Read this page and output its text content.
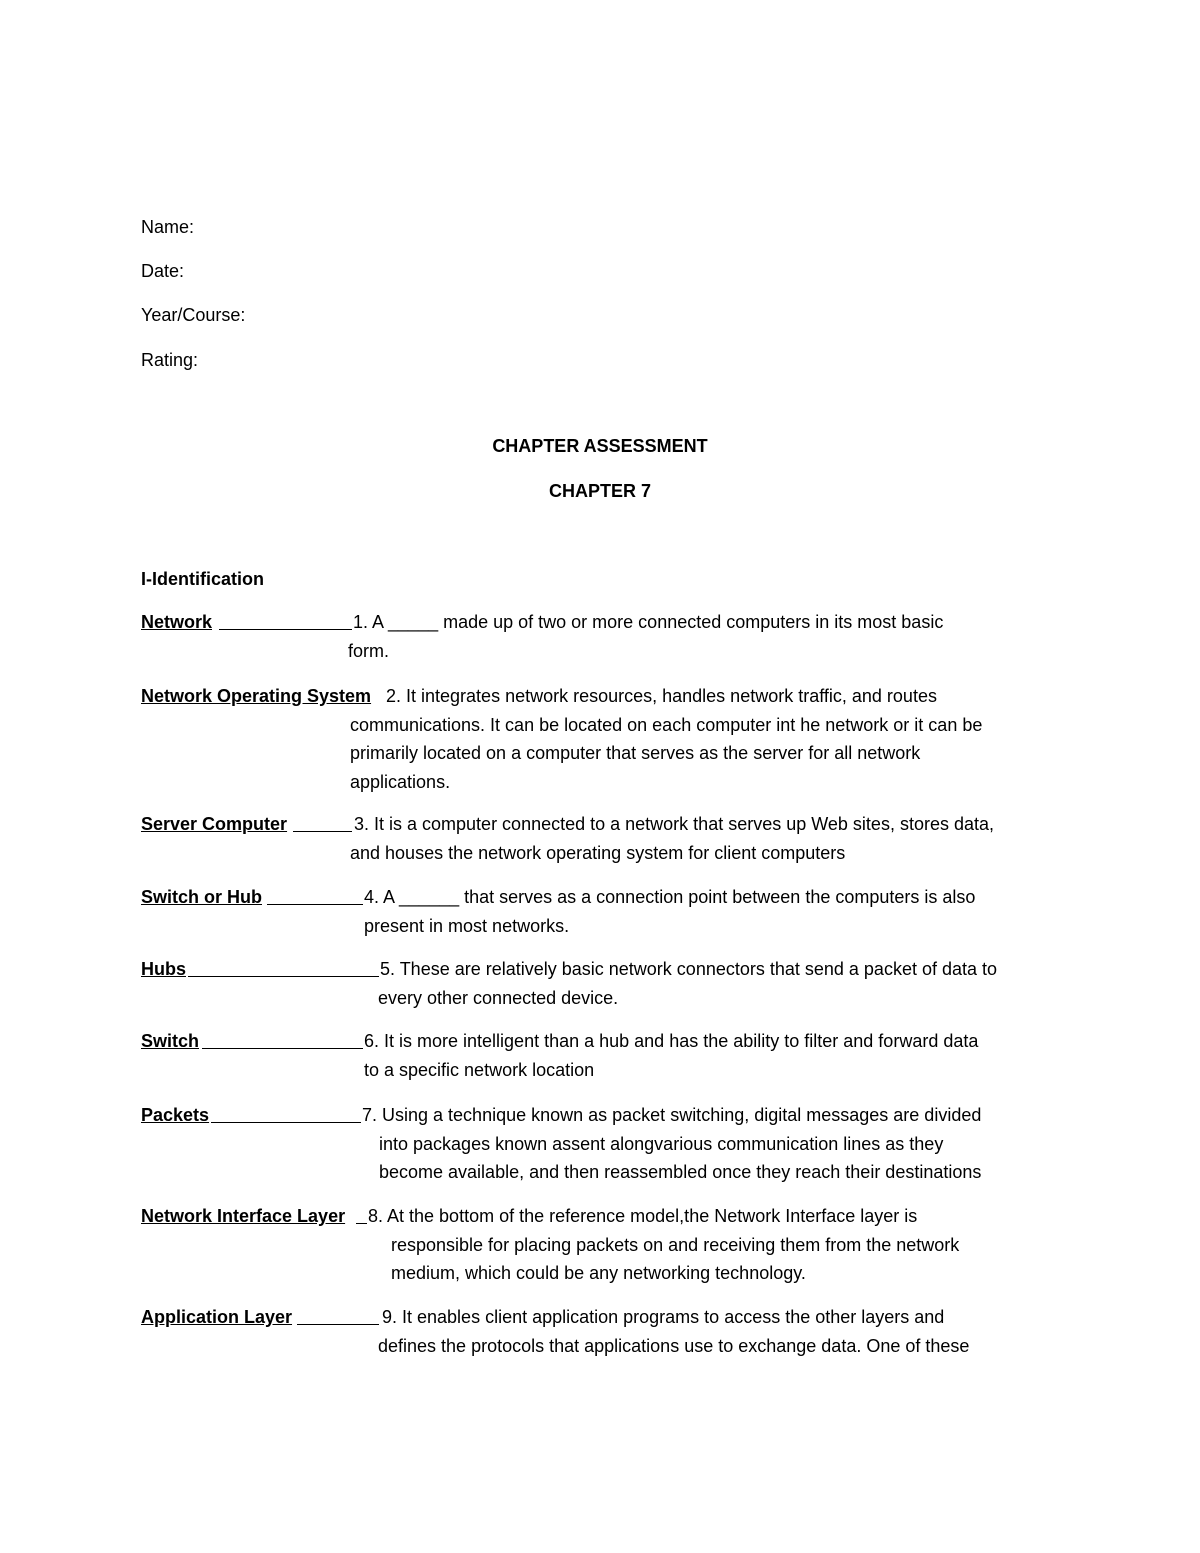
Name:
Date:
Year/Course:
Rating:
CHAPTER ASSESSMENT
CHAPTER 7
I-Identification
Network	1. A _____ made up of two or more connected computers in its most basic
form.
Network Operating System 2. It integrates network resources, handles network traffic, and routes
communications. It can be located on each computer int he network or it can be
primarily located on a computer that serves as the server for all network
applications.
Server Computer	3. It is a computer connected to a network that serves up Web sites, stores data,
and houses the network operating system for client computers
Switch or Hub	4. A ______ that serves as a connection point between the computers is also
present in most networks.
Hubs	5. These are relatively basic network connectors that send a packet of data to
every other connected device.
Switch	6. It is more intelligent than a hub and has the ability to filter and forward data
to a specific network location
Packets	7. Using a technique known as packet switching, digital messages are divided
into packages known assent alongvarious communication lines as they
become available, and then reassembled once they reach their destinations
Network Interface Layer 8. At the bottom of the reference model,the Network Interface layer is
responsible for placing packets on and receiving them from the network
medium, which could be any networking technology.
Application Layer	9. It enables client application programs to access the other layers and
defines the protocols that applications use to exchange data. One of these
